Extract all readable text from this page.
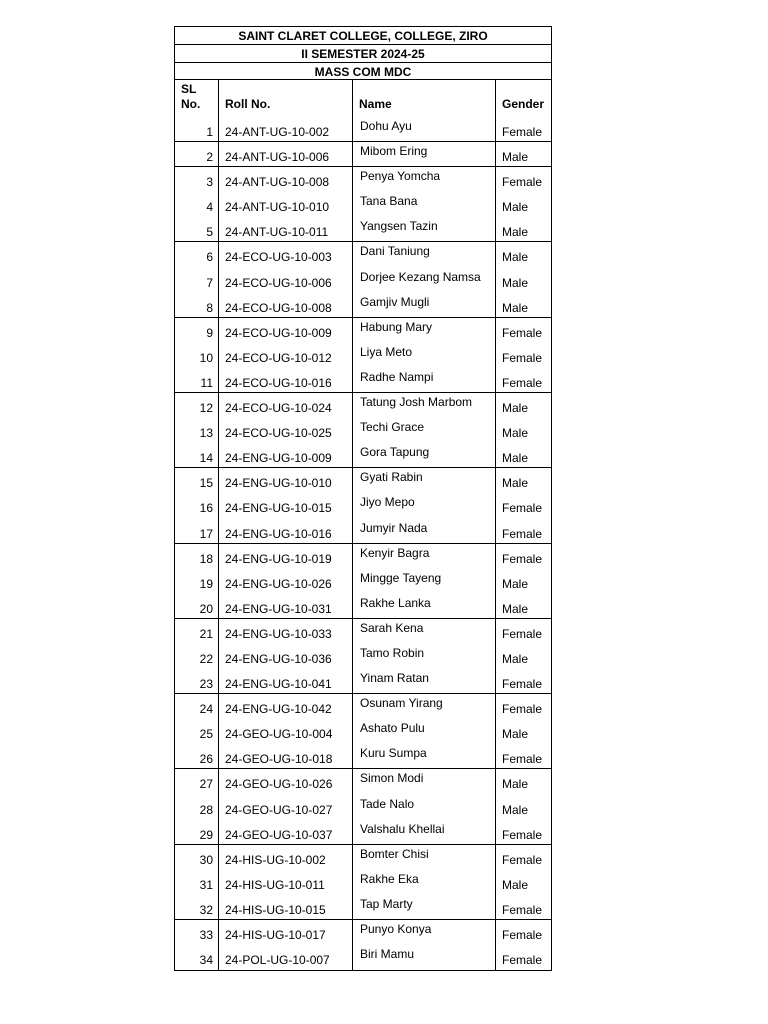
SAINT CLARET COLLEGE, COLLEGE, ZIRO
II SEMESTER 2024-25
MASS COM MDC
SL
No.	Roll No.	Name	Gender
1	24-ANT-UG-10-002	Dohu Ayu	Female
2	24-ANT-UG-10-006	Mibom Ering	Male
3	24-ANT-UG-10-008	Penya Yomcha	Female
4	24-ANT-UG-10-010	Tana Bana	Male
5	24-ANT-UG-10-011	Yangsen Tazin	Male
6	24-ECO-UG-10-003	Dani Taniung	Male
7	24-ECO-UG-10-006	Dorjee Kezang Namsa	Male
8	24-ECO-UG-10-008	Gamjiv Mugli	Male
9	24-ECO-UG-10-009	Habung Mary	Female
10	24-ECO-UG-10-012	Liya Meto	Female
11	24-ECO-UG-10-016	Radhe Nampi	Female
12	24-ECO-UG-10-024	Tatung Josh Marbom	Male
13	24-ECO-UG-10-025	Techi Grace	Male
14	24-ENG-UG-10-009	Gora Tapung	Male
15	24-ENG-UG-10-010	Gyati Rabin	Male
16	24-ENG-UG-10-015	Jiyo Mepo	Female
17	24-ENG-UG-10-016	Jumyir Nada	Female
18	24-ENG-UG-10-019	Kenyir Bagra	Female
19	24-ENG-UG-10-026	Mingge Tayeng	Male
20	24-ENG-UG-10-031	Rakhe Lanka	Male
21	24-ENG-UG-10-033	Sarah Kena	Female
22	24-ENG-UG-10-036	Tamo Robin	Male
23	24-ENG-UG-10-041	Yinam Ratan	Female
24	24-ENG-UG-10-042	Osunam Yirang	Female
25	24-GEO-UG-10-004	Ashato Pulu	Male
26	24-GEO-UG-10-018	Kuru Sumpa	Female
27	24-GEO-UG-10-026	Simon Modi	Male
28	24-GEO-UG-10-027	Tade Nalo	Male
29	24-GEO-UG-10-037	Valshalu Khellai	Female
30	24-HIS-UG-10-002	Bomter Chisi	Female
31	24-HIS-UG-10-011	Rakhe Eka	Male
32	24-HIS-UG-10-015	Tap Marty	Female
33	24-HIS-UG-10-017	Punyo Konya	Female
34	24-POL-UG-10-007	Biri Mamu	Female
